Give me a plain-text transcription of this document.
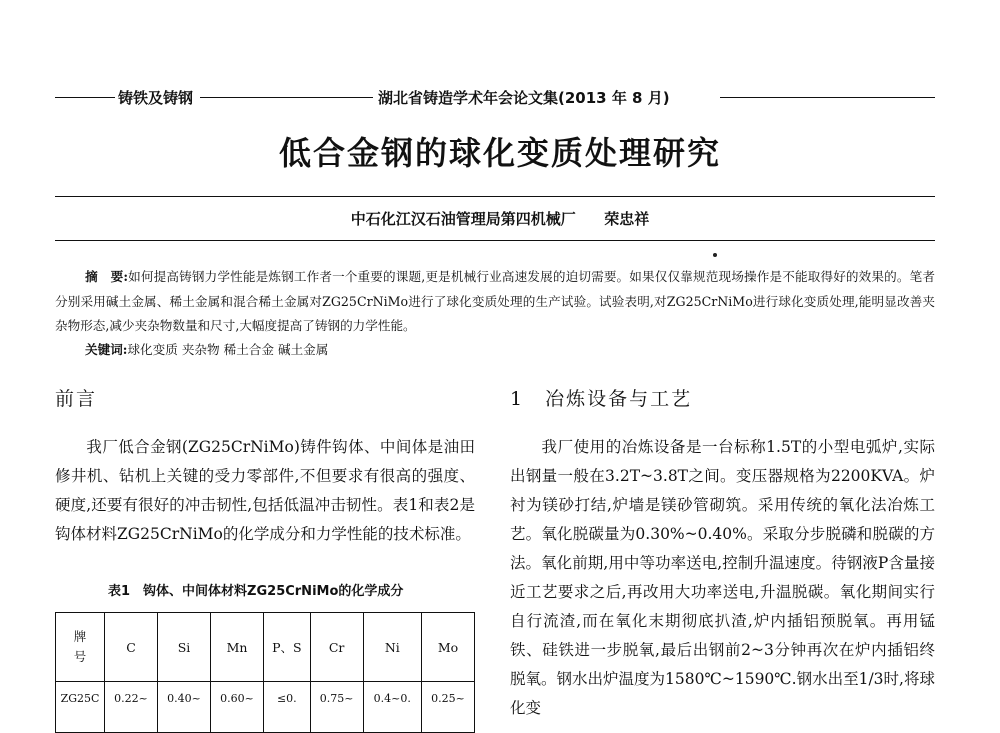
铸铁及铸钢	湖北省铸造学术年会论文集(2013 年 8 月)
低合金钢的球化变质处理研究
中石化江汉石油管理局第四机械厂 荣忠祥
摘　要:如何提高铸钢力学性能是炼钢工作者一个重要的课题,更是机械行业高速发展的迫切需要。如果仅仅靠规范现场操作是不能取得好的效果的。笔者分别采用碱土金属、稀土金属和混合稀土金属对ZG25CrNiMo进行了球化变质处理的生产试验。试验表明,对ZG25CrNiMo进行球化变质处理,能明显改善夹杂物形态,减少夹杂物数量和尺寸,大幅度提高了铸钢的力学性能。
关键词:球化变质 夹杂物 稀土合金 碱土金属
前言
我厂低合金钢(ZG25CrNiMo)铸件钩体、中间体是油田修井机、钻机上关键的受力零部件,不但要求有很高的强度、硬度,还要有很好的冲击韧性,包括低温冲击韧性。表1和表2是钩体材料ZG25CrNiMo的化学成分和力学性能的技术标准。
表1　钩体、中间体材料ZG25CrNiMo的化学成分
牌号	C	Si	Mn	P、S	Cr	Ni	Mo
ZG25C	0.22~	0.40~	0.60~	≤0.	0.75~	0.4~0.	0.25~
1　冶炼设备与工艺
我厂使用的冶炼设备是一台标称1.5T的小型电弧炉,实际出钢量一般在3.2T~3.8T之间。变压器规格为2200KVA。炉衬为镁砂打结,炉墙是镁砂管砌筑。采用传统的氧化法冶炼工艺。氧化脱碳量为0.30%~0.40%。采取分步脱磷和脱碳的方法。氧化前期,用中等功率送电,控制升温速度。待钢液P含量接近工艺要求之后,再改用大功率送电,升温脱碳。氧化期间实行自行流渣,而在氧化末期彻底扒渣,炉内插铝预脱氧。再用锰铁、硅铁进一步脱氧,最后出钢前2~3分钟再次在炉内插铝终脱氧。钢水出炉温度为1580℃~1590℃.钢水出至1/3时,将球化变
